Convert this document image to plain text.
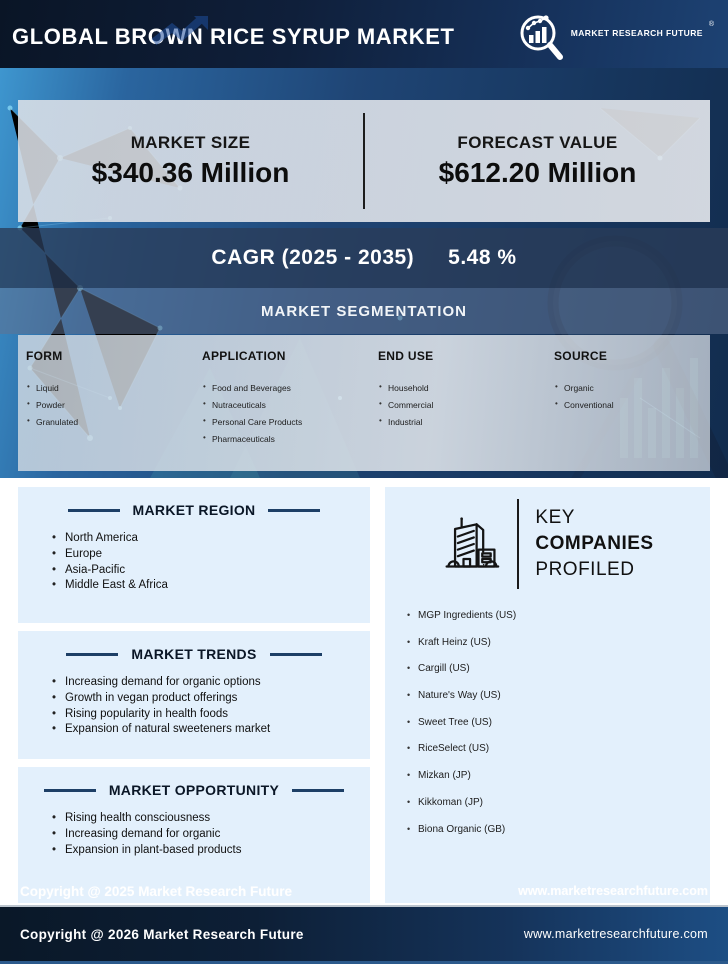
GLOBAL BROWN RICE SYRUP MARKET	MARKET RESEARCH FUTURE
®
MARKET SIZE
$340.36 Million
FORECAST VALUE
$612.20 Million
CAGR (2025 - 2035) 5.48 %
MARKET SEGMENTATION
FORM
• Liquid
• Powder
• Granulated
APPLICATION
• Food and Beverages
• Nutraceuticals
• Personal Care Products
• Pharmaceuticals
END USE
• Household
• Commercial
• Industrial
SOURCE
• Organic
• Conventional
MARKET REGION
• North America
• Europe
• Asia-Pacific
• Middle East & Africa
MARKET TRENDS
• Increasing demand for organic options
• Growth in vegan product offerings
• Rising popularity in health foods
• Expansion of natural sweeteners market
MARKET OPPORTUNITY
• Rising health consciousness
• Increasing demand for organic
• Expansion in plant-based products
KEY
COMPANIES
PROFILED
• MGP Ingredients (US)
• Kraft Heinz (US)
• Cargill (US)
• Nature's Way (US)
• Sweet Tree (US)
• RiceSelect (US)
• Mizkan (JP)
• Kikkoman (JP)
• Biona Organic (GB)
Copyright @ 2025 Market Research Future	www.marketresearchfuture.com
Copyright @ 2026 Market Research Future	www.marketresearchfuture.com
